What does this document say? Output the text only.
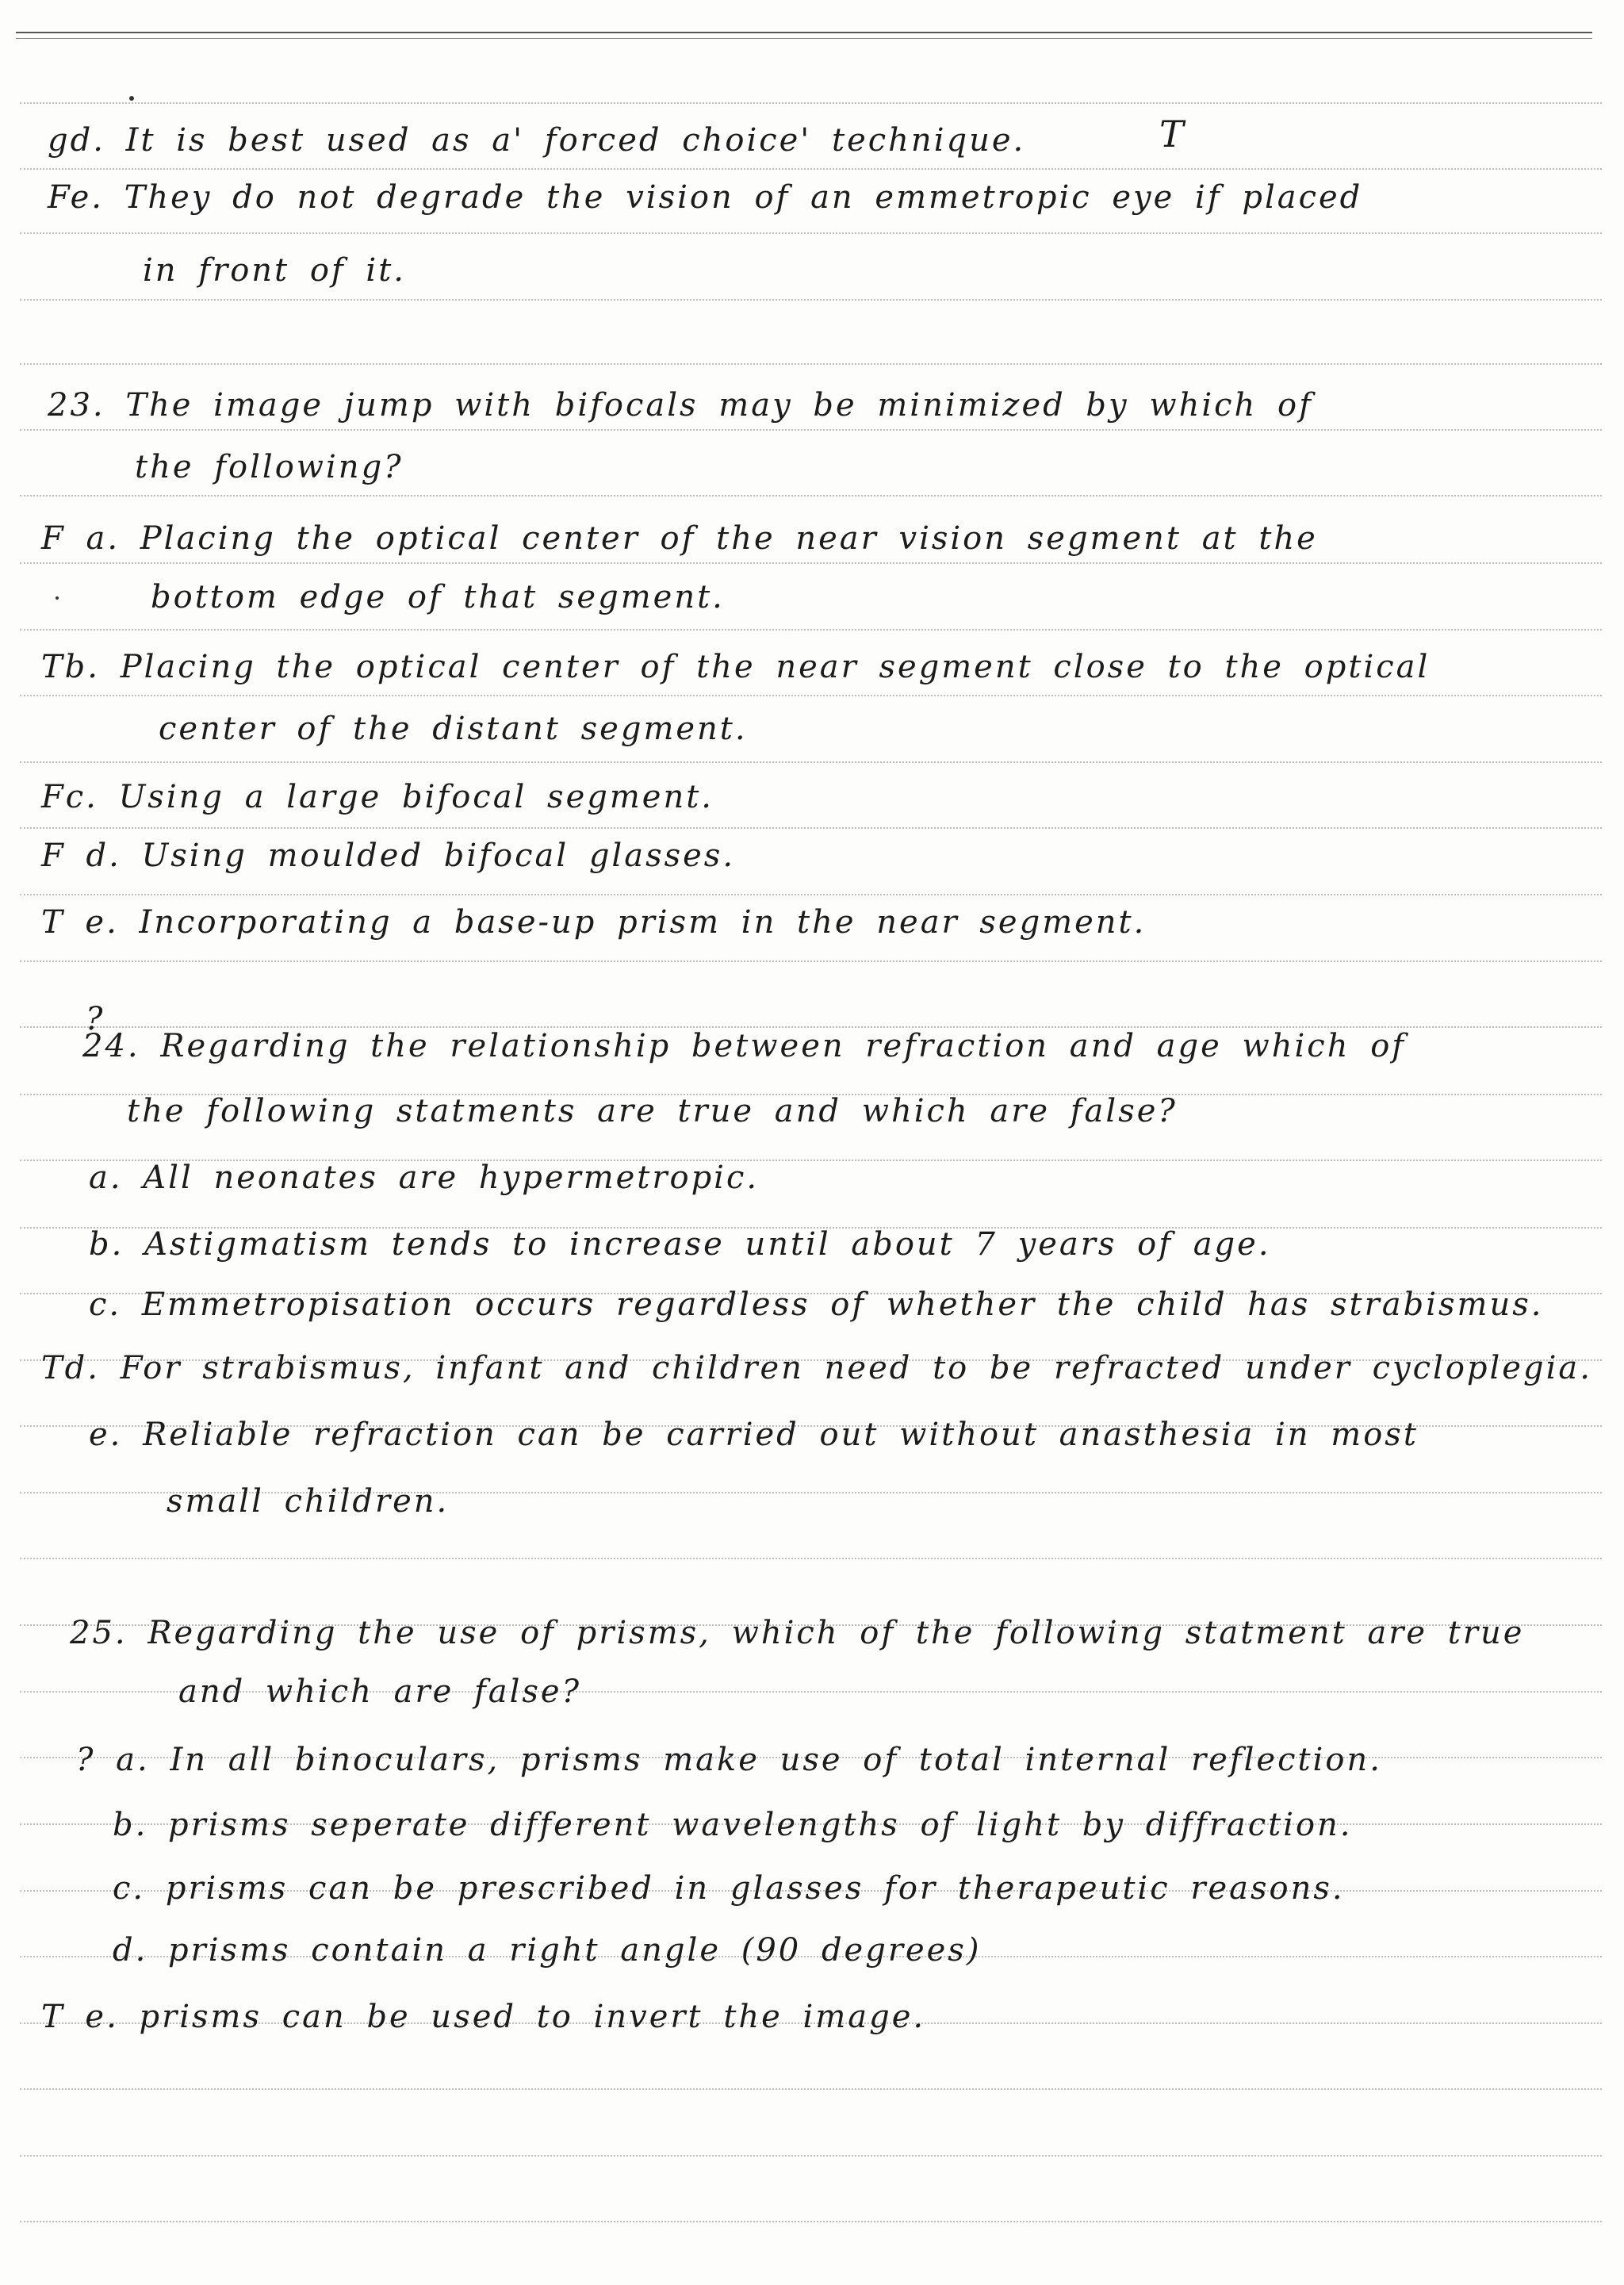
gd. It is best used as a' forced choice' technique.	T
Fe. They do not degrade the vision of an emmetropic eye if placed
in front of it.
23. The image jump with bifocals may be minimized by which of
the following?
F a. Placing the optical center of the near vision segment at the
bottom edge of that segment.
Tb. Placing the optical center of the near segment close to the optical
center of the distant segment.
Fc. Using a large bifocal segment.
F d. Using moulded bifocal glasses.
T e. Incorporating a base-up prism in the near segment.
?
24. Regarding the relationship between refraction and age which of
the following statments are true and which are false?
a. All neonates are hypermetropic.
b. Astigmatism tends to increase until about 7 years of age.
c. Emmetropisation occurs regardless of whether the child has strabismus.
Td. For strabismus, infant and children need to be refracted under cycloplegia.
e. Reliable refraction can be carried out without anasthesia in most
small children.
25. Regarding the use of prisms, which of the following statment are true
and which are false?
? a. In all binoculars, prisms make use of total internal reflection.
b. prisms seperate different wavelengths of light by diffraction.
c. prisms can be prescribed in glasses for therapeutic reasons.
d. prisms contain a right angle (90 degrees)
T e. prisms can be used to invert the image.
